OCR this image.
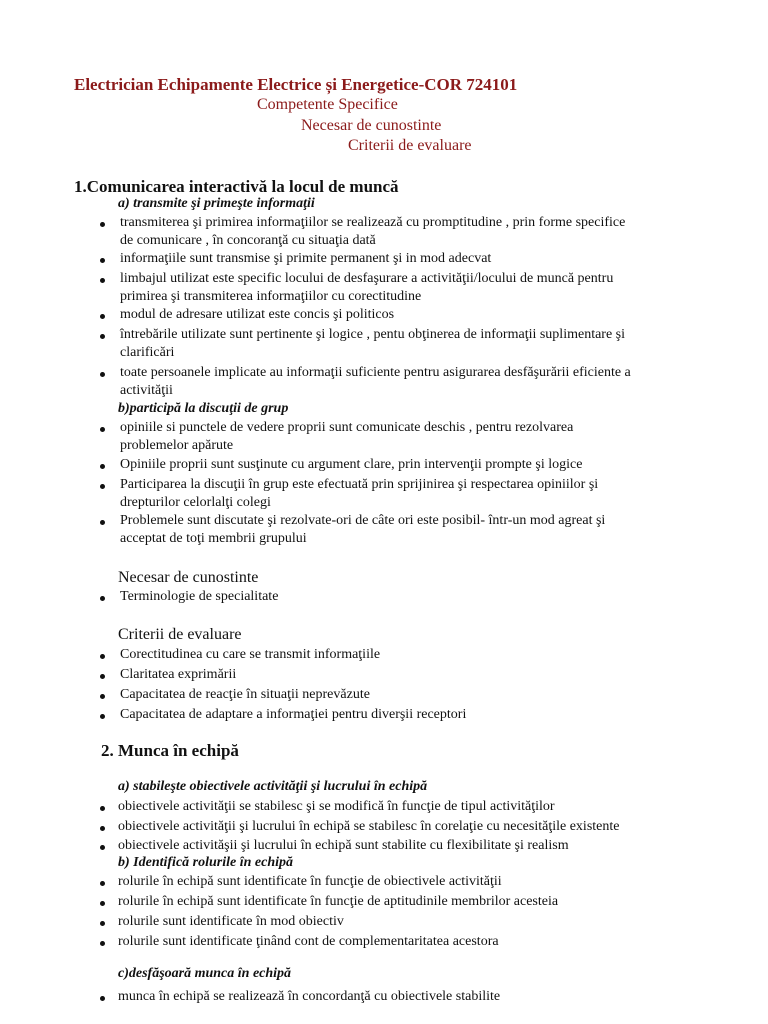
Electrician Echipamente Electrice și Energetice-COR 724101
Competente Specifice
Necesar de cunostinte
Criterii de evaluare
1.Comunicarea interactivă la locul de muncă
a) transmite şi primeşte informaţii
transmiterea şi primirea informaţiilor se realizează cu promptitudine , prin forme specifice
de comunicare , în concoranţă cu situaţia dată
informaţiile sunt transmise şi primite permanent şi in mod adecvat
limbajul utilizat este specific locului de desfaşurare a activităţii/locului de muncă pentru
primirea şi transmiterea informaţiilor cu corectitudine
modul de adresare utilizat este concis şi politicos
întrebările utilizate sunt pertinente şi logice , pentu obţinerea de informaţii suplimentare şi
clarificări
toate persoanele implicate au informaţii suficiente pentru asigurarea desfăşurării eficiente a
activităţii
b)participă la discuţii de grup
opiniile si punctele de vedere proprii sunt comunicate deschis , pentru rezolvarea
problemelor apărute
Opiniile proprii sunt susţinute cu argument clare, prin intervenţii prompte şi logice
Participarea la discuţii în grup este efectuată prin sprijinirea şi respectarea opiniilor şi
drepturilor celorlalţi colegi
Problemele sunt discutate şi rezolvate-ori de câte ori este posibil- într-un mod agreat şi
acceptat de toţi membrii grupului
Necesar de cunostinte
Terminologie de specialitate
Criterii de evaluare
Corectitudinea cu care se transmit informaţiile
Claritatea exprimării
Capacitatea de reacţie în situaţii neprevăzute
Capacitatea de adaptare a informaţiei pentru diverşii receptori
2. Munca în echipă
a) stabileşte obiectivele activităţii şi lucrului în echipă
obiectivele activităţii se stabilesc şi se modifică în funcţie de tipul activităţilor
obiectivele activităţii şi lucrului în echipă se stabilesc în corelaţie cu necesităţile existente
obiectivele activităşii şi lucrului în echipă sunt stabilite cu flexibilitate şi realism
b) Identifică rolurile în echipă
rolurile în echipă sunt identificate în funcţie de obiectivele activităţii
rolurile în echipă sunt identificate în funcţie de aptitudinile membrilor acesteia
rolurile sunt identificate în mod obiectiv
rolurile sunt identificate ţinând cont de complementaritatea acestora
c)desfăşoară munca în echipă
munca în echipă se realizează în concordanţă cu obiectivele stabilite
